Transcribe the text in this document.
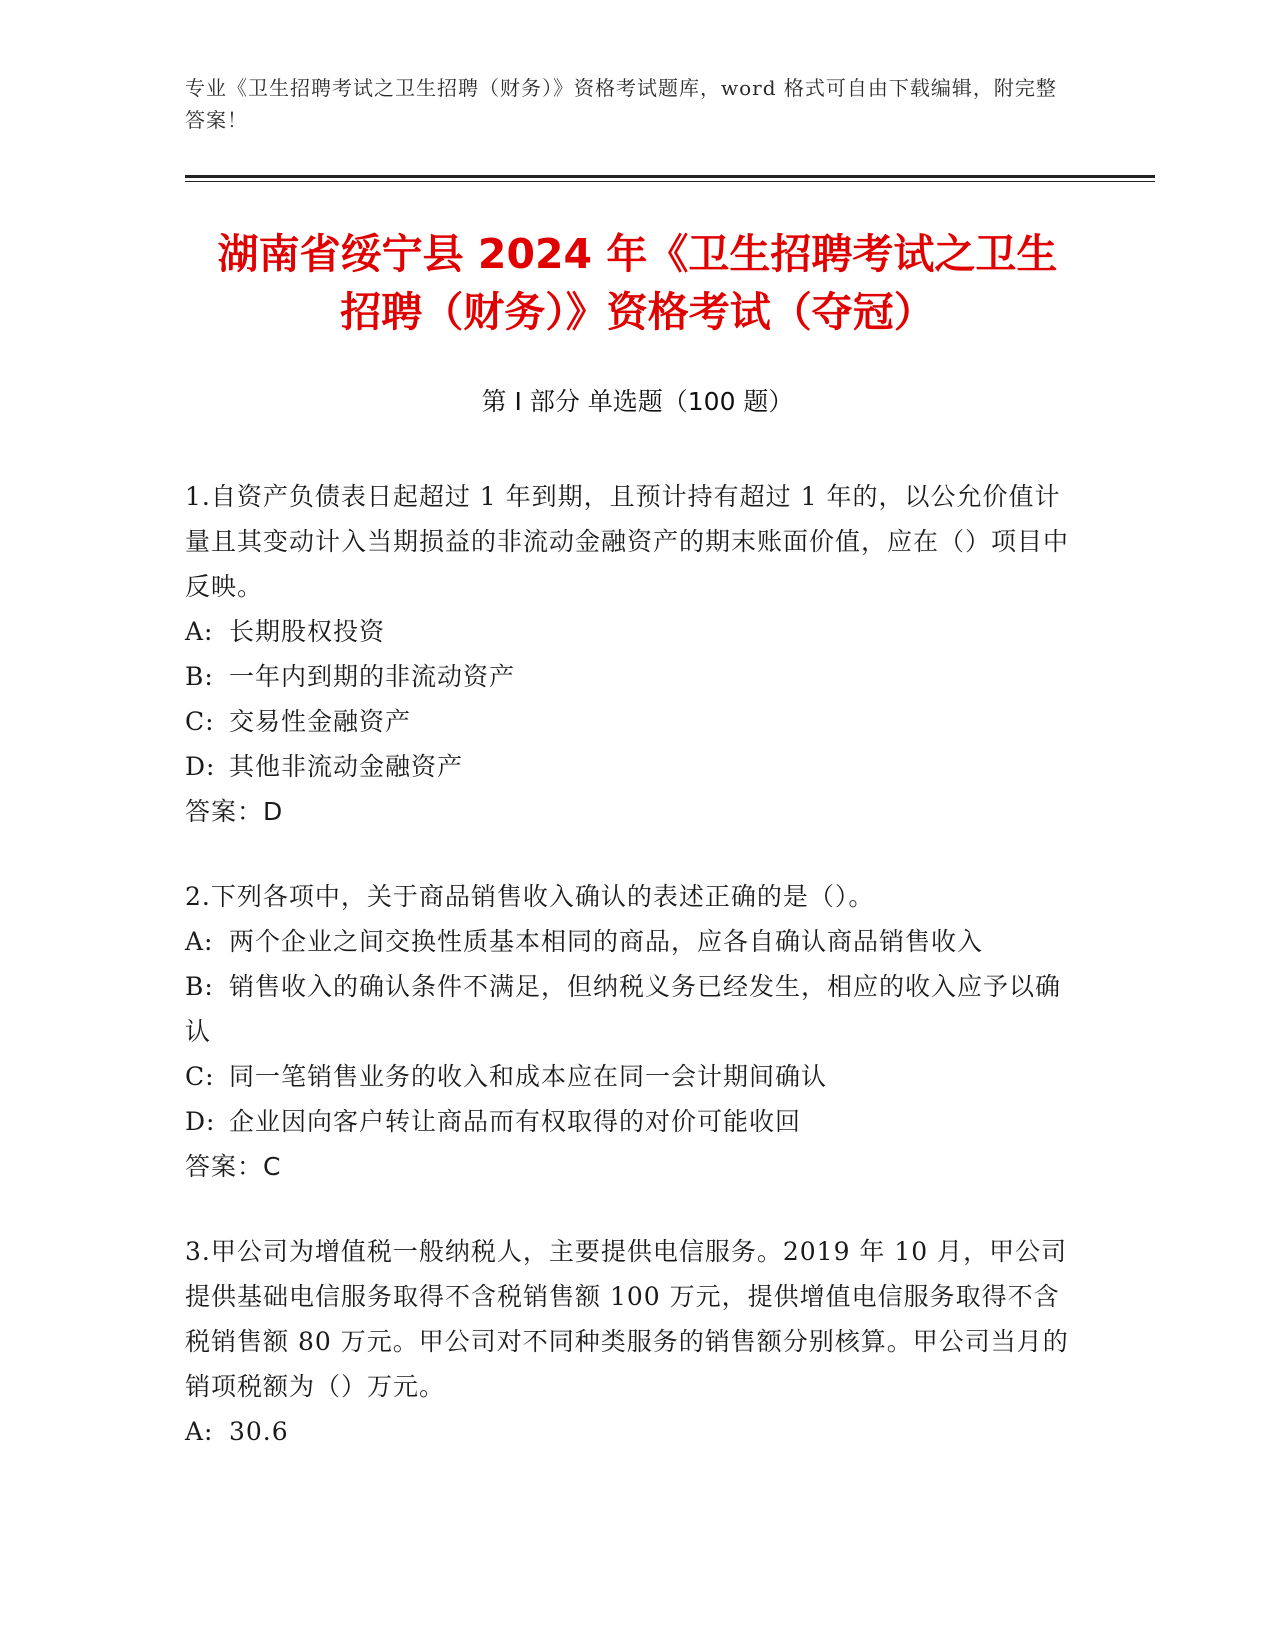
专业《卫生招聘考试之卫生招聘（财务）》资格考试题库，word 格式可自由下载编辑，附完整答案！
湖南省绥宁县 2024 年《卫生招聘考试之卫生
招聘（财务）》资格考试（夺冠）
第 I 部分 单选题（100 题）

1.自资产负债表日起超过 1 年到期，且预计持有超过 1 年的，以公允价值计量且其变动计入当期损益的非流动金融资产的期末账面价值，应在（）项目中反映。

A: 长期股权投资

B: 一年内到期的非流动资产

C: 交易性金融资产

D: 其他非流动金融资产

答案：D

2.下列各项中，关于商品销售收入确认的表述正确的是（）。

A: 两个企业之间交换性质基本相同的商品，应各自确认商品销售收入

B: 销售收入的确认条件不满足，但纳税义务已经发生，相应的收入应予以确认

C: 同一笔销售业务的收入和成本应在同一会计期间确认

D: 企业因向客户转让商品而有权取得的对价可能收回

答案：C

3.甲公司为增值税一般纳税人，主要提供电信服务。2019 年 10 月，甲公司提供基础电信服务取得不含税销售额 100 万元，提供增值电信服务取得不含税销售额 80 万元。甲公司对不同种类服务的销售额分别核算。甲公司当月的销项税额为（）万元。

A: 30.6
